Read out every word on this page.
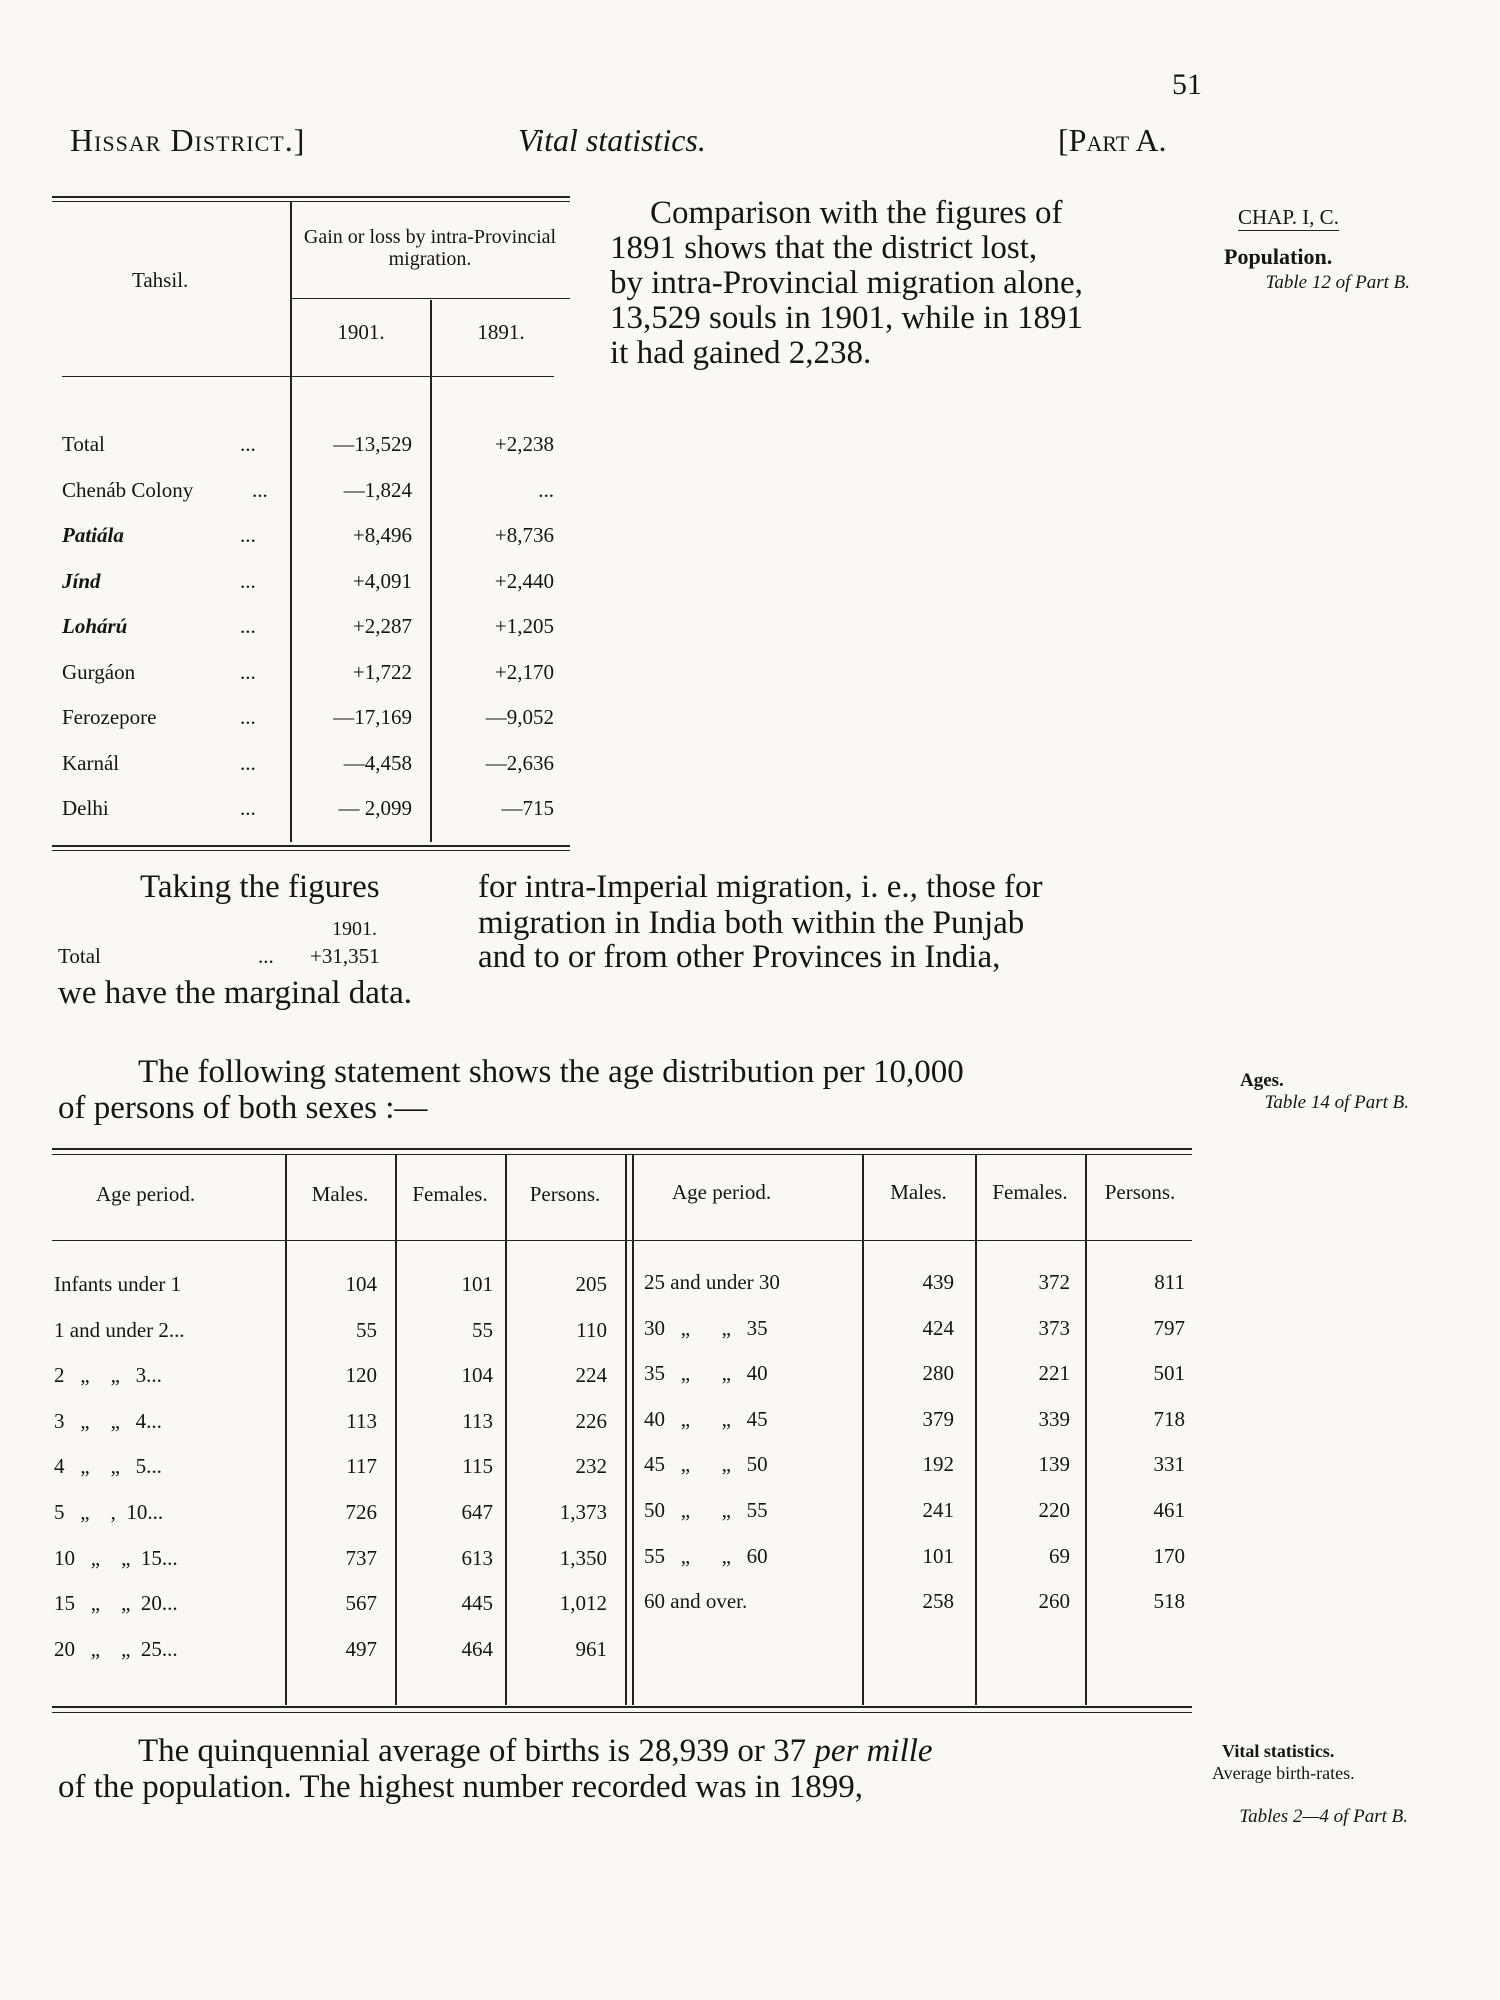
51
Hissar District.]	Vital statistics.	[Part A.
CHAP. I, C.
Population.
Table 12 of Part B.
Comparison with the figures of
1891 shows that the district lost,
by intra-Provincial migration alone,
13,529 souls in 1901, while in 1891
it had gained 2,238.
Tahsil.
Gain or loss by intra-Provincial migration.
1901.	1891.
Total	...	—13,529	+2,238
Chenáb Colony	...	—1,824	...
Patiála	...	+8,496	+8,736
Jínd	...	+4,091	+2,440
Lohárú	...	+2,287	+1,205
Gurgáon	...	+1,722	+2,170
Ferozepore	...	—17,169	—9,052
Karnál	...	—4,458	—2,636
Delhi	...	— 2,099	—715
Taking the figures	for intra-Imperial migration, i. e., those for
1901.	migration in India both within the Punjab
Total	... +31,351	and to or from other Provinces in India,
we have the marginal data.
The following statement shows the age distribution per 10,000
of persons of both sexes :—
Ages.
Table 14 of Part B.
Age period.	Males.	Females.	Persons.	Age period.	Males.	Females.	Persons.
Infants under 1	104	101	205
1 and under 2...	55	55	110
2   „    „   3...	120	104	224
3   „    „   4...	113	113	226
4   „    „   5...	117	115	232
5   „    ,  10...	726	647	1,373
10   „    „  15...	737	613	1,350
15   „    „  20...	567	445	1,012
20   „    „  25...	497	464	961
25 and under 30	439	372	811
30   „      „   35	424	373	797
35   „      „   40	280	221	501
40   „      „   45	379	339	718
45   „      „   50	192	139	331
50   „      „   55	241	220	461
55   „      „   60	101	69	170
60 and over.	258	260	518
The quinquennial average of births is 28,939 or 37 per mille
of the population. The highest number recorded was in 1899,
Vital statistics.
Average birth-rates.
Tables 2—4 of Part B.
